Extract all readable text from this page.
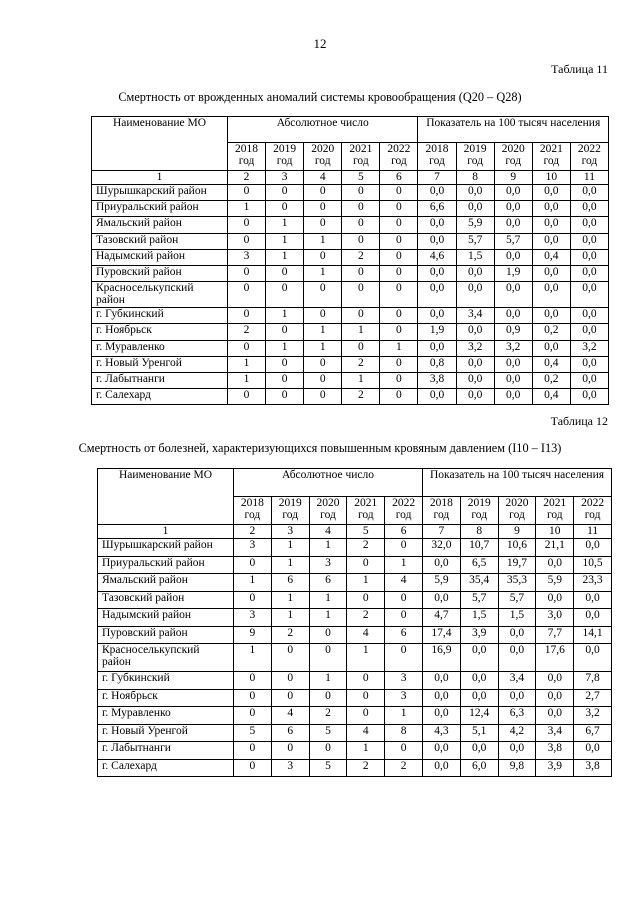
12
Таблица 11
Смертность от врожденных аномалий системы кровообращения (Q20 – Q28)
Наименование МО	Абсолютное число					Показатель на 100 тысяч населения				
	2018 год	2019 год	2020 год	2021 год	2022 год	2018 год	2019 год	2020 год	2021 год	2022 год
1	2	3	4	5	6	7	8	9	10	11
Шурышкарский район	0	0	0	0	0	0,0	0,0	0,0	0,0	0,0
Приуральский район	1	0	0	0	0	6,6	0,0	0,0	0,0	0,0
Ямальский район	0	1	0	0	0	0,0	5,9	0,0	0,0	0,0
Тазовский район	0	1	1	0	0	0,0	5,7	5,7	0,0	0,0
Надымский район	3	1	0	2	0	4,6	1,5	0,0	0,4	0,0
Пуровский район	0	0	1	0	0	0,0	0,0	1,9	0,0	0,0
Красноселькупский район	0	0	0	0	0	0,0	0,0	0,0	0,0	0,0
г. Губкинский	0	1	0	0	0	0,0	3,4	0,0	0,0	0,0
г. Ноябрьск	2	0	1	1	0	1,9	0,0	0,9	0,2	0,0
г. Муравленко	0	1	1	0	1	0,0	3,2	3,2	0,0	3,2
г. Новый Уренгой	1	0	0	2	0	0,8	0,0	0,0	0,4	0,0
г. Лабытнанги	1	0	0	1	0	3,8	0,0	0,0	0,2	0,0
г. Салехард	0	0	0	2	0	0,0	0,0	0,0	0,4	0,0
Таблица 12
Смертность от болезней, характеризующихся повышенным кровяным давлением (I10 – I13)
Наименование МО	Абсолютное число					Показатель на 100 тысяч населения				
	2018 год	2019 год	2020 год	2021 год	2022 год	2018 год	2019 год	2020 год	2021 год	2022 год
1	2	3	4	5	6	7	8	9	10	11
Шурышкарский район	3	1	1	2	0	32,0	10,7	10,6	21,1	0,0
Приуральский район	0	1	3	0	1	0,0	6,5	19,7	0,0	10,5
Ямальский район	1	6	6	1	4	5,9	35,4	35,3	5,9	23,3
Тазовский район	0	1	1	0	0	0,0	5,7	5,7	0,0	0,0
Надымский район	3	1	1	2	0	4,7	1,5	1,5	3,0	0,0
Пуровский район	9	2	0	4	6	17,4	3,9	0,0	7,7	14,1
Красноселькупский район	1	0	0	1	0	16,9	0,0	0,0	17,6	0,0
г. Губкинский	0	0	1	0	3	0,0	0,0	3,4	0,0	7,8
г. Ноябрьск	0	0	0	0	3	0,0	0,0	0,0	0,0	2,7
г. Муравленко	0	4	2	0	1	0,0	12,4	6,3	0,0	3,2
г. Новый Уренгой	5	6	5	4	8	4,3	5,1	4,2	3,4	6,7
г. Лабытнанги	0	0	0	1	0	0,0	0,0	0,0	3,8	0,0
г. Салехард	0	3	5	2	2	0,0	6,0	9,8	3,9	3,8
